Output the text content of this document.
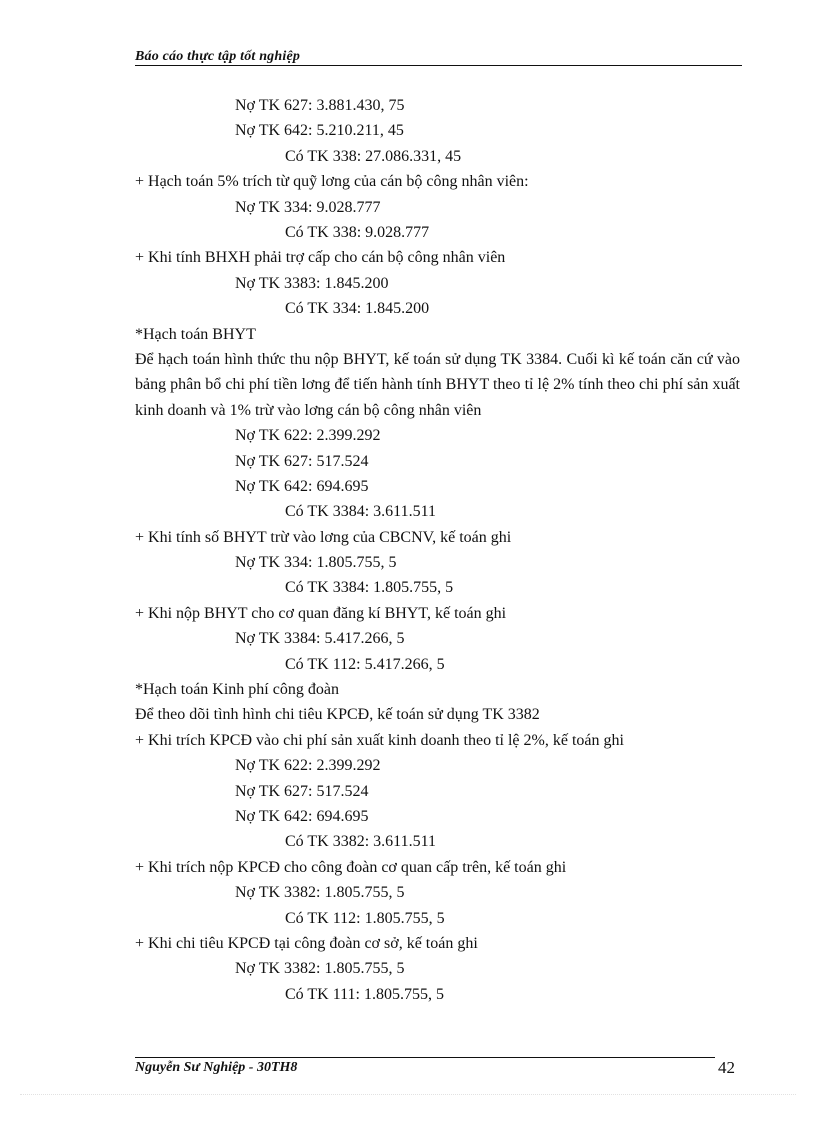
Báo cáo thực tập tốt nghiệp
Nợ TK 627: 3.881.430, 75
Nợ TK 642: 5.210.211, 45
Có TK 338: 27.086.331, 45
+ Hạch toán 5% trích từ quỹ lơng của cán bộ công nhân viên:
Nợ TK 334: 9.028.777
Có TK 338: 9.028.777
+ Khi tính BHXH phải trợ cấp cho cán bộ công nhân viên
Nợ TK 3383: 1.845.200
Có TK 334: 1.845.200
*Hạch toán BHYT
Để hạch toán hình thức thu nộp BHYT, kế toán sử dụng TK 3384. Cuối kì kế toán căn cứ vào bảng phân bổ chi phí tiền lơng để tiến hành tính BHYT theo tỉ lệ 2% tính theo chi phí sản xuất kinh doanh và 1% trừ vào lơng cán bộ công nhân viên
Nợ TK 622: 2.399.292
Nợ TK 627: 517.524
Nợ TK 642: 694.695
Có TK 3384: 3.611.511
+ Khi tính số BHYT trừ vào lơng của CBCNV, kế toán ghi
Nợ TK 334: 1.805.755, 5
Có TK 3384: 1.805.755, 5
+ Khi nộp BHYT cho cơ quan đăng kí BHYT, kế toán ghi
Nợ TK 3384: 5.417.266, 5
Có TK 112: 5.417.266, 5
*Hạch toán Kinh phí công đoàn
Để theo dõi tình hình chi tiêu KPCĐ, kế toán sử dụng TK 3382
+ Khi trích KPCĐ vào chi phí sản xuất kinh doanh theo tỉ lệ 2%, kế toán ghi
Nợ TK 622: 2.399.292
Nợ TK 627: 517.524
Nợ TK 642: 694.695
Có TK 3382: 3.611.511
+ Khi trích nộp KPCĐ cho công đoàn cơ quan cấp trên, kế toán ghi
Nợ TK 3382: 1.805.755, 5
Có TK 112: 1.805.755, 5
+ Khi chi tiêu KPCĐ tại công đoàn cơ sở, kế toán ghi
Nợ TK 3382: 1.805.755, 5
Có TK 111: 1.805.755, 5
Nguyễn Sư Nghiệp - 30TH8	42
